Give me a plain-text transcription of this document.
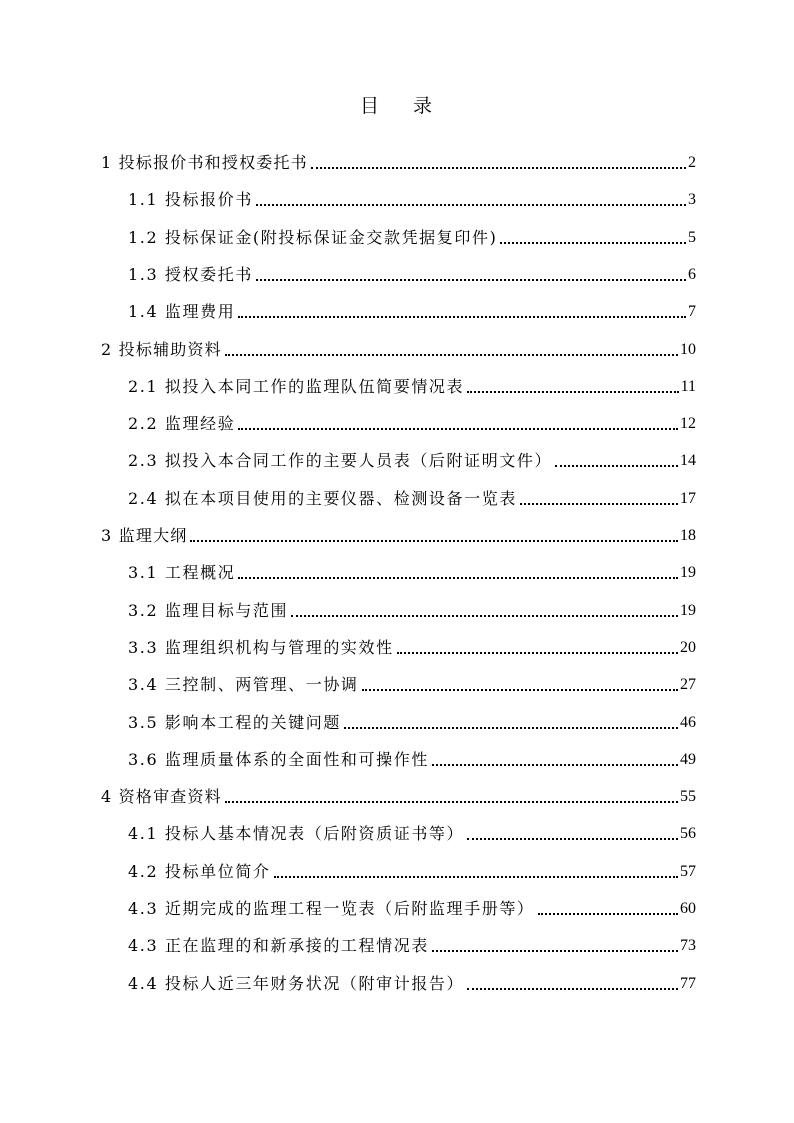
目 录
1 投标报价书和授权委托书	2
1.1 投标报价书	3
1.2 投标保证金(附投标保证金交款凭据复印件)	5
1.3 授权委托书	6
1.4 监理费用	7
2 投标辅助资料	10
2.1 拟投入本同工作的监理队伍简要情况表	11
2.2 监理经验	12
2.3 拟投入本合同工作的主要人员表（后附证明文件）	14
2.4 拟在本项目使用的主要仪器、检测设备一览表	17
3 监理大纲	18
3.1 工程概况	19
3.2 监理目标与范围	19
3.3 监理组织机构与管理的实效性	20
3.4 三控制、两管理、一协调	27
3.5 影响本工程的关键问题	46
3.6 监理质量体系的全面性和可操作性	49
4 资格审查资料	55
4.1 投标人基本情况表（后附资质证书等）	56
4.2 投标单位简介	57
4.3 近期完成的监理工程一览表（后附监理手册等）	60
4.3 正在监理的和新承接的工程情况表	73
4.4 投标人近三年财务状况（附审计报告）	77
